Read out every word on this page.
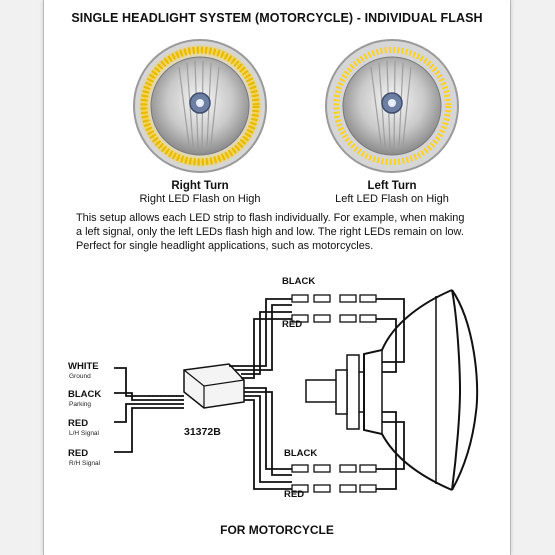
SINGLE HEADLIGHT SYSTEM (MOTORCYCLE) - INDIVIDUAL FLASH
Right Turn
Right LED Flash on High
Left Turn
Left LED Flash on High
This setup allows each LED strip to flash individually. For example, when making
a left signal, only the left LEDs flash high and low. The right LEDs remain on low.
Perfect for single headlight applications, such as motorcycles.
BLACK
RED
WHITE
Ground
BLACK
Parking
RED
L/H Signal
RED
R/H Signal
31372B
BLACK
RED
FOR MOTORCYCLE
